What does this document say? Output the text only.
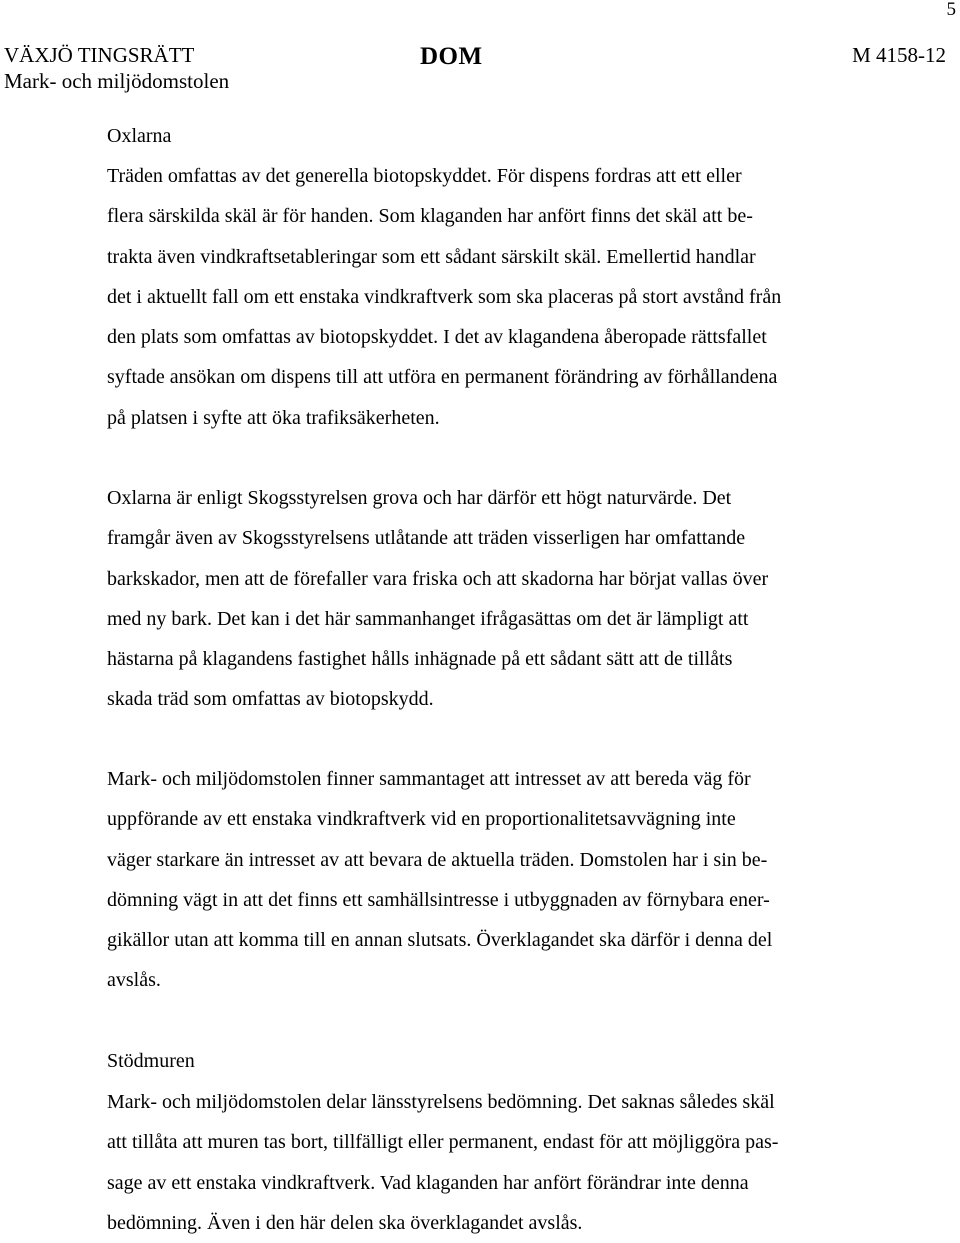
5
VÄXJÖ TINGSRÄTT	DOM	M 4158-12
Mark- och miljödomstolen
Oxlarna

Träden omfattas av det generella biotopskyddet. För dispens fordras att ett eller
flera särskilda skäl är för handen. Som klaganden har anfört finns det skäl att be-
trakta även vindkraftsetableringar som ett sådant särskilt skäl. Emellertid handlar
det i aktuellt fall om ett enstaka vindkraftverk som ska placeras på stort avstånd från
den plats som omfattas av biotopskyddet. I det av klagandena åberopade rättsfallet
syftade ansökan om dispens till att utföra en permanent förändring av förhållandena
på platsen i syfte att öka trafiksäkerheten.

Oxlarna är enligt Skogsstyrelsen grova och har därför ett högt naturvärde. Det
framgår även av Skogsstyrelsens utlåtande att träden visserligen har omfattande
barkskador, men att de förefaller vara friska och att skadorna har börjat vallas över
med ny bark. Det kan i det här sammanhanget ifrågasättas om det är lämpligt att
hästarna på klagandens fastighet hålls inhägnade på ett sådant sätt att de tillåts
skada träd som omfattas av biotopskydd.

Mark- och miljödomstolen finner sammantaget att intresset av att bereda väg för
uppförande av ett enstaka vindkraftverk vid en proportionalitetsavvägning inte
väger starkare än intresset av att bevara de aktuella träden. Domstolen har i sin be-
dömning vägt in att det finns ett samhällsintresse i utbyggnaden av förnybara ener-
gikällor utan att komma till en annan slutsats. Överklagandet ska därför i denna del
avslås.

Stödmuren

Mark- och miljödomstolen delar länsstyrelsens bedömning. Det saknas således skäl
att tillåta att muren tas bort, tillfälligt eller permanent, endast för att möjliggöra pas-
sage av ett enstaka vindkraftverk. Vad klaganden har anfört förändrar inte denna
bedömning. Även i den här delen ska överklagandet avslås.
